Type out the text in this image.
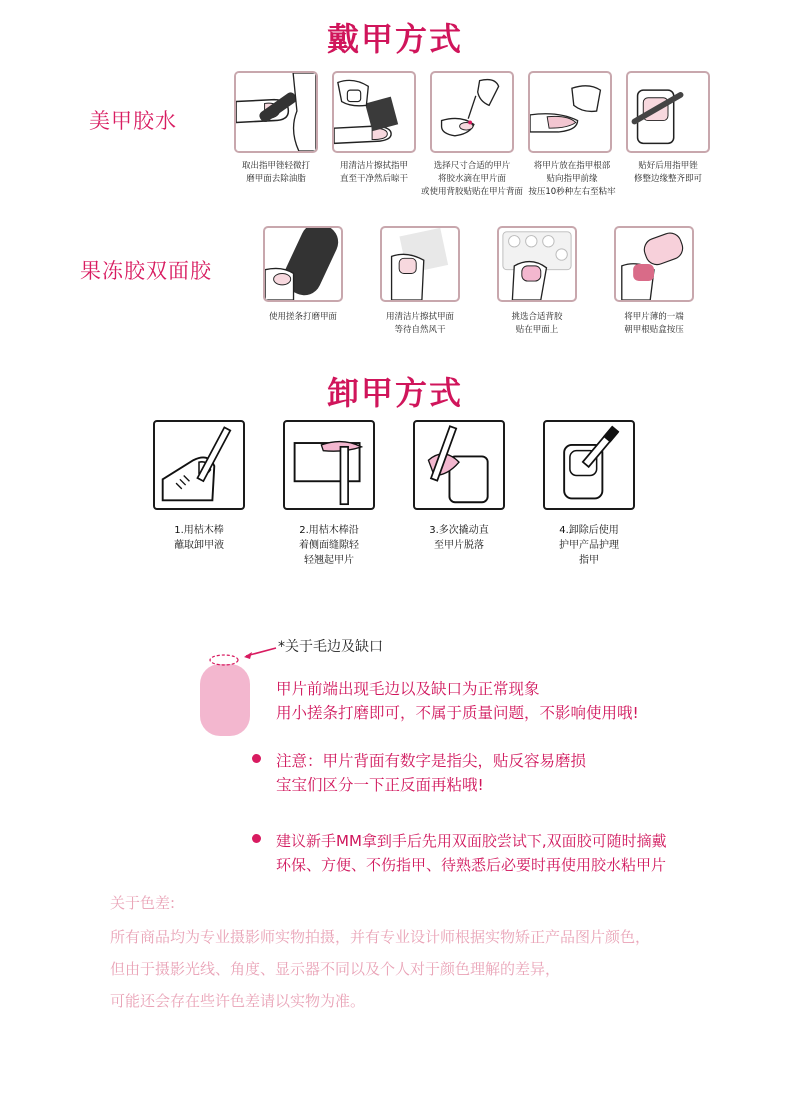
戴甲方式
美甲胶水
取出指甲锉轻微打
磨甲面去除油脂
用清洁片擦拭指甲
直至干净然后晾干
选择尺寸合适的甲片
将胶水滴在甲片面
或使用背胶贴贴在甲片背面
将甲片放在指甲根部
贴向指甲前缘
按压10秒种左右至粘牢
贴好后用指甲锉
修整边缘整齐即可
果冻胶双面胶
使用搓条打磨甲面	用清洁片擦拭甲面
等待自然风干
挑选合适背胶
贴在甲面上
将甲片薄的一端
朝甲根贴盒按压
卸甲方式
1.用桔木棒
蘸取卸甲液
2.用桔木棒沿
着侧面缝隙轻
轻翘起甲片
3.多次撬动直
至甲片脱落
4.卸除后使用
护甲产品护理
指甲
*关于毛边及缺口
甲片前端出现毛边以及缺口为正常现象
用小搓条打磨即可，不属于质量问题，不影响使用哦!
注意：甲片背面有数字是指尖，贴反容易磨损
宝宝们区分一下正反面再粘哦!
建议新手MM拿到手后先用双面胶尝试下,双面胶可随时摘戴
环保、方便、不伤指甲、待熟悉后必要时再使用胶水粘甲片
关于色差:
所有商品均为专业摄影师实物拍摄，并有专业设计师根据实物矫正产品图片颜色，
但由于摄影光线、角度、显示器不同以及个人对于颜色理解的差异，
可能还会存在些许色差请以实物为准。
